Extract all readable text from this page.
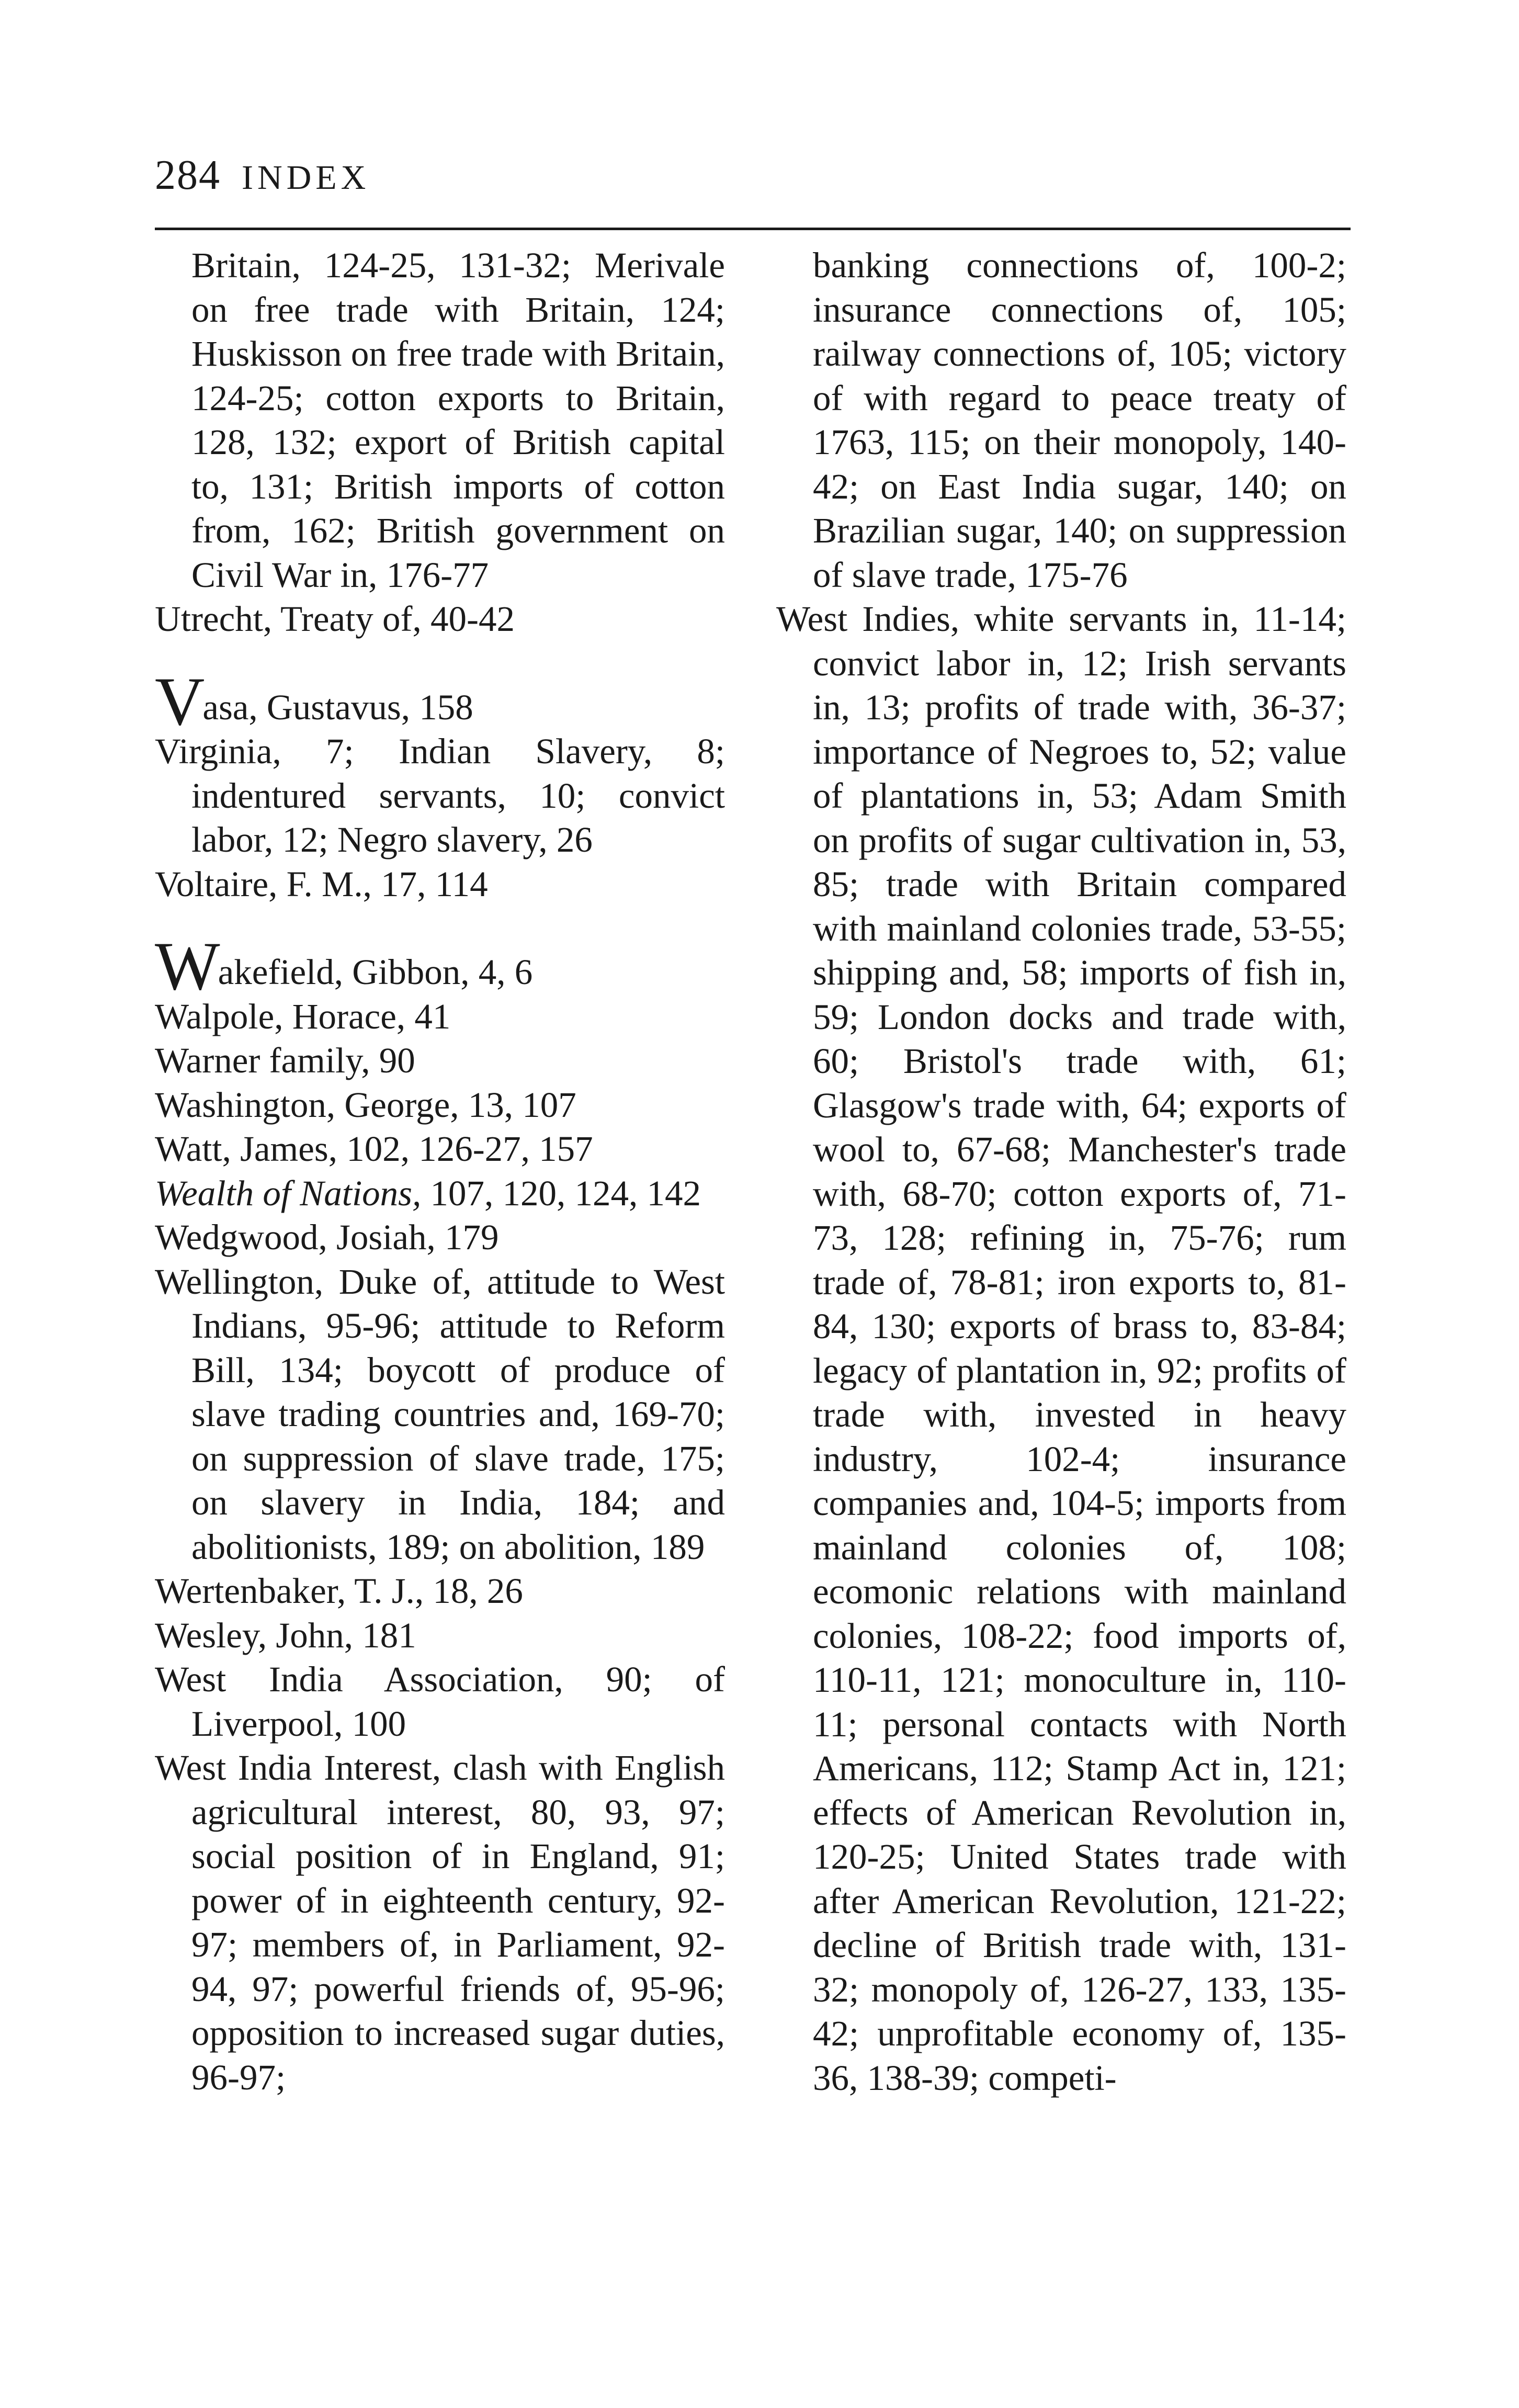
284 INDEX

Britain, 124-25, 131-32; Merivale on free trade with Britain, 124; Huskisson on free trade with Britain, 124-25; cotton exports to Britain, 128, 132; export of British capital to, 131; British imports of cotton from, 162; British government on Civil War in, 176-77

Utrecht, Treaty of, 40-42

Vasa, Gustavus, 158

Virginia, 7; Indian Slavery, 8; indentured servants, 10; convict labor, 12; Negro slavery, 26

Voltaire, F. M., 17, 114

Wakefield, Gibbon, 4, 6

Walpole, Horace, 41

Warner family, 90

Washington, George, 13, 107

Watt, James, 102, 126-27, 157

Wealth of Nations, 107, 120, 124, 142

Wedgwood, Josiah, 179

Wellington, Duke of, attitude to West Indians, 95-96; attitude to Reform Bill, 134; boycott of produce of slave trading countries and, 169-70; on suppression of slave trade, 175; on slavery in India, 184; and abolitionists, 189; on abolition, 189

Wertenbaker, T. J., 18, 26

Wesley, John, 181

West India Association, 90; of Liverpool, 100

West India Interest, clash with English agricultural interest, 80, 93, 97; social position of in England, 91; power of in eighteenth century, 92-97; members of, in Parliament, 92-94, 97; powerful friends of, 95-96; opposition to increased sugar duties, 96-97;

banking connections of, 100-2; insurance connections of, 105; railway connections of, 105; victory of with regard to peace treaty of 1763, 115; on their monopoly, 140-42; on East India sugar, 140; on Brazilian sugar, 140; on suppression of slave trade, 175-76

West Indies, white servants in, 11-14; convict labor in, 12; Irish servants in, 13; profits of trade with, 36-37; importance of Negroes to, 52; value of plantations in, 53; Adam Smith on profits of sugar cultivation in, 53, 85; trade with Britain compared with mainland colonies trade, 53-55; shipping and, 58; imports of fish in, 59; London docks and trade with, 60; Bristol's trade with, 61; Glasgow's trade with, 64; exports of wool to, 67-68; Manchester's trade with, 68-70; cotton exports of, 71-73, 128; refining in, 75-76; rum trade of, 78-81; iron exports to, 81-84, 130; exports of brass to, 83-84; legacy of plantation in, 92; profits of trade with, invested in heavy industry, 102-4; insurance companies and, 104-5; imports from mainland colonies of, 108; ecomonic relations with mainland colonies, 108-22; food imports of, 110-11, 121; monoculture in, 110-11; personal contacts with North Americans, 112; Stamp Act in, 121; effects of American Revolution in, 120-25; United States trade with after American Revolution, 121-22; decline of British trade with, 131-32; monopoly of, 126-27, 133, 135-42; unprofitable economy of, 135-36, 138-39; competi-
